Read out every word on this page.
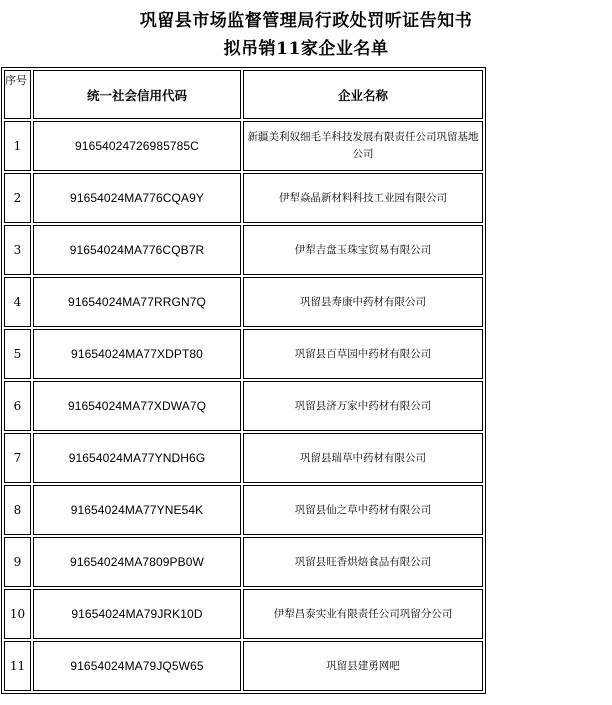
巩留县市场监督管理局行政处罚听证告知书
拟吊销11家企业名单
序号	统一社会信用代码	企业名称
1	91654024726985785C	新疆美利奴细毛羊科技发展有限责任公司巩留基地公司
2	91654024MA776CQA9Y	伊犁焱晶新材料科技工业园有限公司
3	91654024MA776CQB7R	伊犁吉盘玉珠宝贸易有限公司
4	91654024MA77RRGN7Q	巩留县寿康中药材有限公司
5	91654024MA77XDPT80	巩留县百草园中药材有限公司
6	91654024MA77XDWA7Q	巩留县济万家中药材有限公司
7	91654024MA77YNDH6G	巩留县瑞草中药材有限公司
8	91654024MA77YNE54K	巩留县仙之草中药材有限公司
9	91654024MA7809PB0W	巩留县旺香烘焙食品有限公司
10	91654024MA79JRK10D	伊犁昌泰实业有限责任公司巩留分公司
11	91654024MA79JQ5W65	巩留县建勇网吧
